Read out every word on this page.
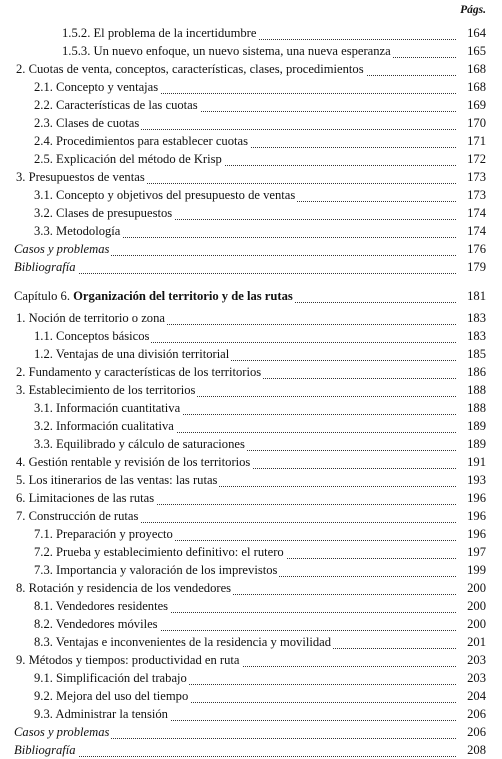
Págs.
1.5.2. El problema de la incertidumbre	164
1.5.3. Un nuevo enfoque, un nuevo sistema, una nueva esperanza	165
2. Cuotas de venta, conceptos, características, clases, procedimientos	168
2.1. Concepto y ventajas	168
2.2. Características de las cuotas	169
2.3. Clases de cuotas	170
2.4. Procedimientos para establecer cuotas	171
2.5. Explicación del método de Krisp	172
3. Presupuestos de ventas	173
3.1. Concepto y objetivos del presupuesto de ventas	173
3.2. Clases de presupuestos	174
3.3. Metodología	174
Casos y problemas	176
Bibliografía	179
Capítulo 6. Organización del territorio y de las rutas	181
1. Noción de territorio o zona	183
1.1. Conceptos básicos	183
1.2. Ventajas de una división territorial	185
2. Fundamento y características de los territorios	186
3. Establecimiento de los territorios	188
3.1. Información cuantitativa	188
3.2. Información cualitativa	189
3.3. Equilibrado y cálculo de saturaciones	189
4. Gestión rentable y revisión de los territorios	191
5. Los itinerarios de las ventas: las rutas	193
6. Limitaciones de las rutas	196
7. Construcción de rutas	196
7.1. Preparación y proyecto	196
7.2. Prueba y establecimiento definitivo: el rutero	197
7.3. Importancia y valoración de los imprevistos	199
8. Rotación y residencia de los vendedores	200
8.1. Vendedores residentes	200
8.2. Vendedores móviles	200
8.3. Ventajas e inconvenientes de la residencia y movilidad	201
9. Métodos y tiempos: productividad en ruta	203
9.1. Simplificación del trabajo	203
9.2. Mejora del uso del tiempo	204
9.3. Administrar la tensión	206
Casos y problemas	206
Bibliografía	208
